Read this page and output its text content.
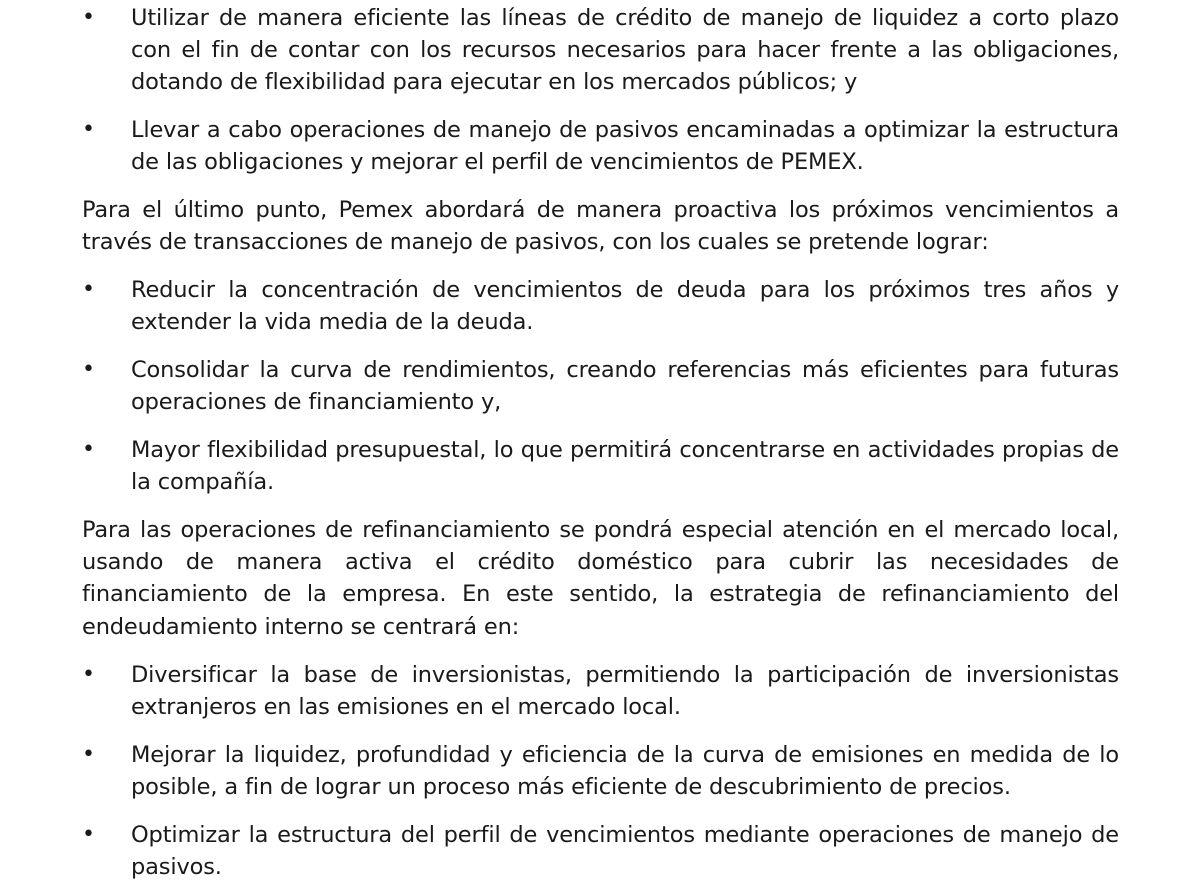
•	Utilizar de manera eficiente las líneas de crédito de manejo de liquidez a corto plazo con el fin de contar con los recursos necesarios para hacer frente a las obligaciones, dotando de flexibilidad para ejecutar en los mercados públicos; y
•	Llevar a cabo operaciones de manejo de pasivos encaminadas a optimizar la estructura de las obligaciones y mejorar el perfil de vencimientos de PEMEX.
Para el último punto, Pemex abordará de manera proactiva los próximos vencimientos a través de transacciones de manejo de pasivos, con los cuales se pretende lograr:
•	Reducir la concentración de vencimientos de deuda para los próximos tres años y extender la vida media de la deuda.
•	Consolidar la curva de rendimientos, creando referencias más eficientes para futuras operaciones de financiamiento y,
•	Mayor flexibilidad presupuestal, lo que permitirá concentrarse en actividades propias de la compañía.
Para las operaciones de refinanciamiento se pondrá especial atención en el mercado local, usando de manera activa el crédito doméstico para cubrir las necesidades de financiamiento de la empresa. En este sentido, la estrategia de refinanciamiento del endeudamiento interno se centrará en:
•	Diversificar la base de inversionistas, permitiendo la participación de inversionistas extranjeros en las emisiones en el mercado local.
•	Mejorar la liquidez, profundidad y eficiencia de la curva de emisiones en medida de lo posible, a fin de lograr un proceso más eficiente de descubrimiento de precios.
•	Optimizar la estructura del perfil de vencimientos mediante operaciones de manejo de pasivos.
